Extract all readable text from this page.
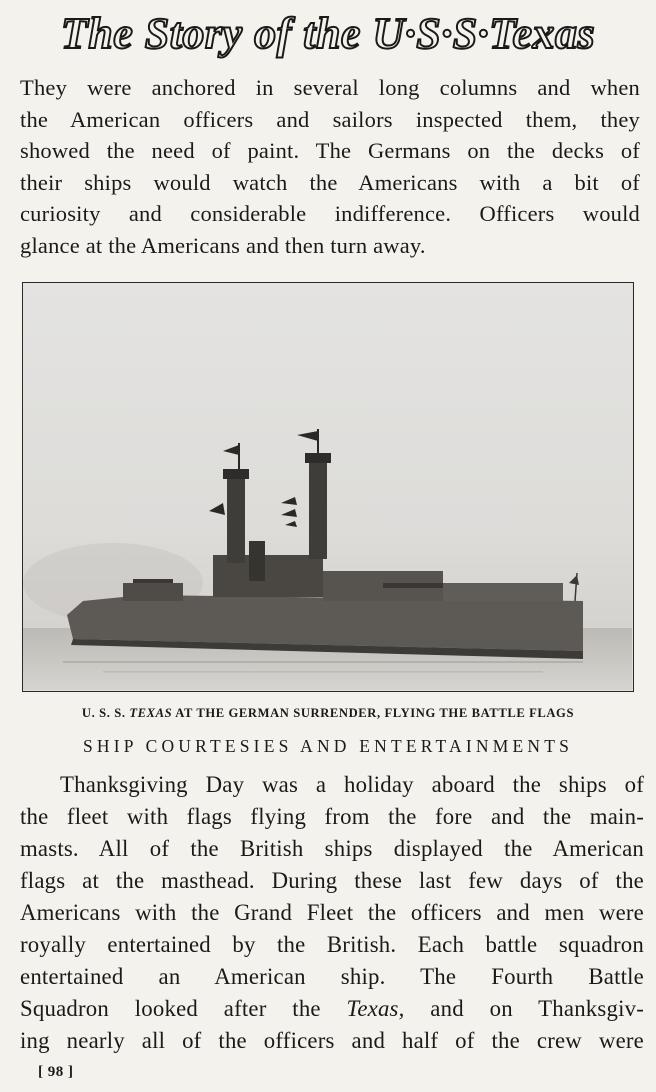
The Story of the U·S·S·Texas
They were anchored in several long columns and when
the American officers and sailors inspected them, they
showed the need of paint. The Germans on the decks of
their ships would watch the Americans with a bit of
curiosity and considerable indifference. Officers would
glance at the Americans and then turn away.
U. S. S. TEXAS AT THE GERMAN SURRENDER, FLYING THE BATTLE FLAGS
SHIP COURTESIES AND ENTERTAINMENTS
Thanksgiving Day was a holiday aboard the ships of
the fleet with flags flying from the fore and the main-
masts. All of the British ships displayed the American
flags at the masthead. During these last few days of the
Americans with the Grand Fleet the officers and men were
royally entertained by the British. Each battle squadron
entertained an American ship. The Fourth Battle
Squadron looked after the Texas, and on Thanksgiv-
ing nearly all of the officers and half of the crew were
[ 98 ]
